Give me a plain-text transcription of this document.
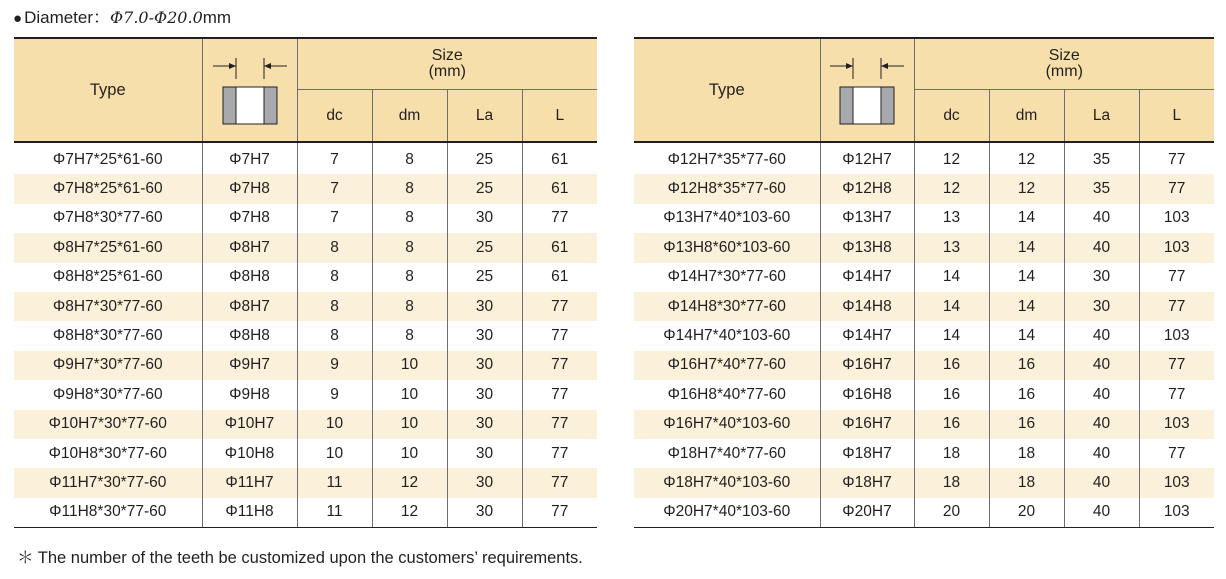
● Diameter：Φ7.0-Φ20.0mm
Type		Size
(mm)			

		dc	dm	La	L
Φ7H7*25*61-60	Φ7H7	7	8	25	61
Φ7H8*25*61-60	Φ7H8	7	8	25	61
Φ7H8*30*77-60	Φ7H8	7	8	30	77
Φ8H7*25*61-60	Φ8H7	8	8	25	61
Φ8H8*25*61-60	Φ8H8	8	8	25	61
Φ8H7*30*77-60	Φ8H7	8	8	30	77
Φ8H8*30*77-60	Φ8H8	8	8	30	77
Φ9H7*30*77-60	Φ9H7	9	10	30	77
Φ9H8*30*77-60	Φ9H8	9	10	30	77
Φ10H7*30*77-60	Φ10H7	10	10	30	77
Φ10H8*30*77-60	Φ10H8	10	10	30	77
Φ11H7*30*77-60	Φ11H7	11	12	30	77
Φ11H8*30*77-60	Φ11H8	11	12	30	77
Type		Size
(mm)			

		dc	dm	La	L
Φ12H7*35*77-60	Φ12H7	12	12	35	77
Φ12H8*35*77-60	Φ12H8	12	12	35	77
Φ13H7*40*103-60	Φ13H7	13	14	40	103
Φ13H8*60*103-60	Φ13H8	13	14	40	103
Φ14H7*30*77-60	Φ14H7	14	14	30	77
Φ14H8*30*77-60	Φ14H8	14	14	30	77
Φ14H7*40*103-60	Φ14H7	14	14	40	103
Φ16H7*40*77-60	Φ16H7	16	16	40	77
Φ16H8*40*77-60	Φ16H8	16	16	40	77
Φ16H7*40*103-60	Φ16H7	16	16	40	103
Φ18H7*40*77-60	Φ18H7	18	18	40	77
Φ18H7*40*103-60	Φ18H7	18	18	40	103
Φ20H7*40*103-60	Φ20H7	20	20	40	103
＊ The number of the teeth be customized upon the customers’ requirements.
